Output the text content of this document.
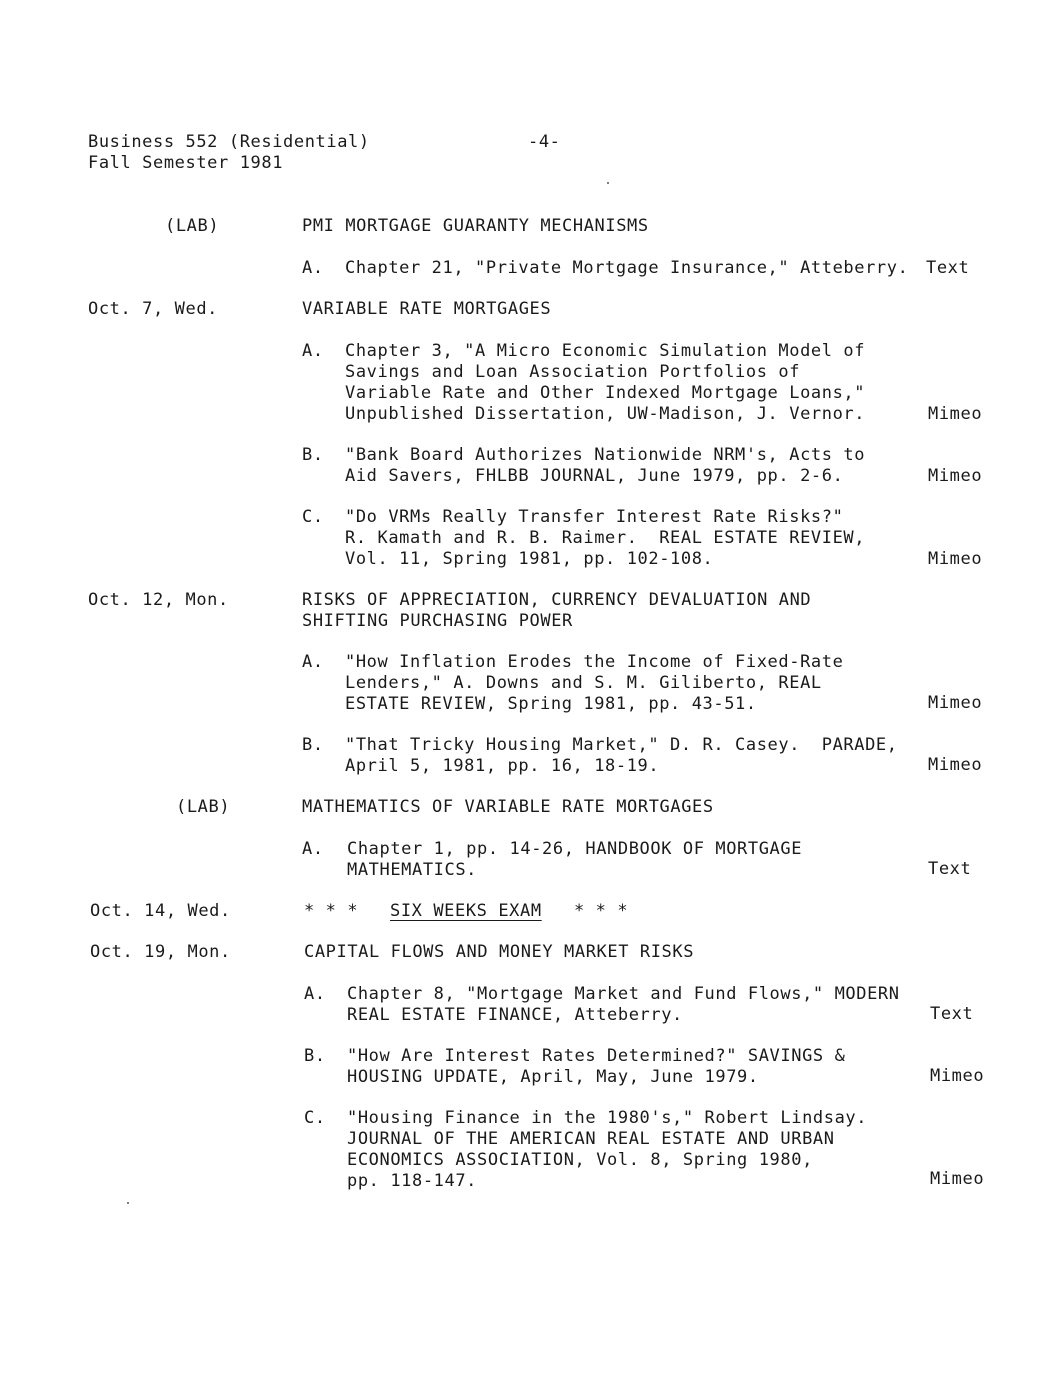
Business 552 (Residential)
Fall Semester 1981
-4-
(LAB)	PMI MORTGAGE GUARANTY MECHANISMS
A. Chapter 21, "Private Mortgage Insurance," Atteberry. Text
Oct. 7, Wed.	VARIABLE RATE MORTGAGES
A. Chapter 3, "A Micro Economic Simulation Model of
Savings and Loan Association Portfolios of
Variable Rate and Other Indexed Mortgage Loans,"
Unpublished Dissertation, UW-Madison, J. Vernor.	Mimeo
B. "Bank Board Authorizes Nationwide NRM's, Acts to
Aid Savers, FHLBB JOURNAL, June 1979, pp. 2-6.	Mimeo
C. "Do VRMs Really Transfer Interest Rate Risks?"
R. Kamath and R. B. Raimer.  REAL ESTATE REVIEW,
Vol. 11, Spring 1981, pp. 102-108.	Mimeo
Oct. 12, Mon.	RISKS OF APPRECIATION, CURRENCY DEVALUATION AND
SHIFTING PURCHASING POWER
A. "How Inflation Erodes the Income of Fixed-Rate
Lenders," A. Downs and S. M. Giliberto, REAL
ESTATE REVIEW, Spring 1981, pp. 43-51.	Mimeo
B. "That Tricky Housing Market," D. R. Casey.  PARADE,
April 5, 1981, pp. 16, 18-19.	Mimeo
(LAB)	MATHEMATICS OF VARIABLE RATE MORTGAGES
A. Chapter 1, pp. 14-26, HANDBOOK OF MORTGAGE
MATHEMATICS.	Text
Oct. 14, Wed.	* * * SIX WEEKS EXAM * * *
Oct. 19, Mon.	CAPITAL FLOWS AND MONEY MARKET RISKS
A. Chapter 8, "Mortgage Market and Fund Flows," MODERN
REAL ESTATE FINANCE, Atteberry.	Text
B. "How Are Interest Rates Determined?" SAVINGS &
HOUSING UPDATE, April, May, June 1979.	Mimeo
C. "Housing Finance in the 1980's," Robert Lindsay.
JOURNAL OF THE AMERICAN REAL ESTATE AND URBAN
ECONOMICS ASSOCIATION, Vol. 8, Spring 1980,
pp. 118-147.	Mimeo
